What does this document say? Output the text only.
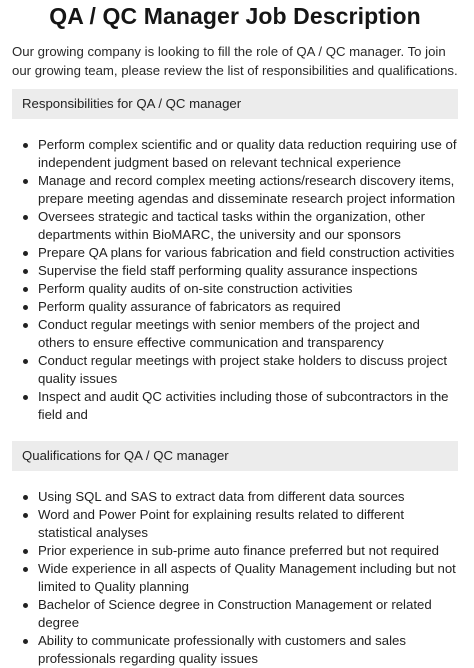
QA / QC Manager Job Description

Our growing company is looking to fill the role of QA / QC manager. To join our growing team, please review the list of responsibilities and qualifications.

Responsibilities for QA / QC manager
Perform complex scientific and or quality data reduction requiring use of independent judgment based on relevant technical experience
Manage and record complex meeting actions/research discovery items, prepare meeting agendas and disseminate research project information
Oversees strategic and tactical tasks within the organization, other departments within BioMARC, the university and our sponsors
Prepare QA plans for various fabrication and field construction activities
Supervise the field staff performing quality assurance inspections
Perform quality audits of on-site construction activities
Perform quality assurance of fabricators as required
Conduct regular meetings with senior members of the project and others to ensure effective communication and transparency
Conduct regular meetings with project stake holders to discuss project quality issues
Inspect and audit QC activities including those of subcontractors in the field and
Qualifications for QA / QC manager
Using SQL and SAS to extract data from different data sources
Word and Power Point for explaining results related to different statistical analyses
Prior experience in sub-prime auto finance preferred but not required
Wide experience in all aspects of Quality Management including but not limited to Quality planning
Bachelor of Science degree in Construction Management or related degree
Ability to communicate professionally with customers and sales professionals regarding quality issues
